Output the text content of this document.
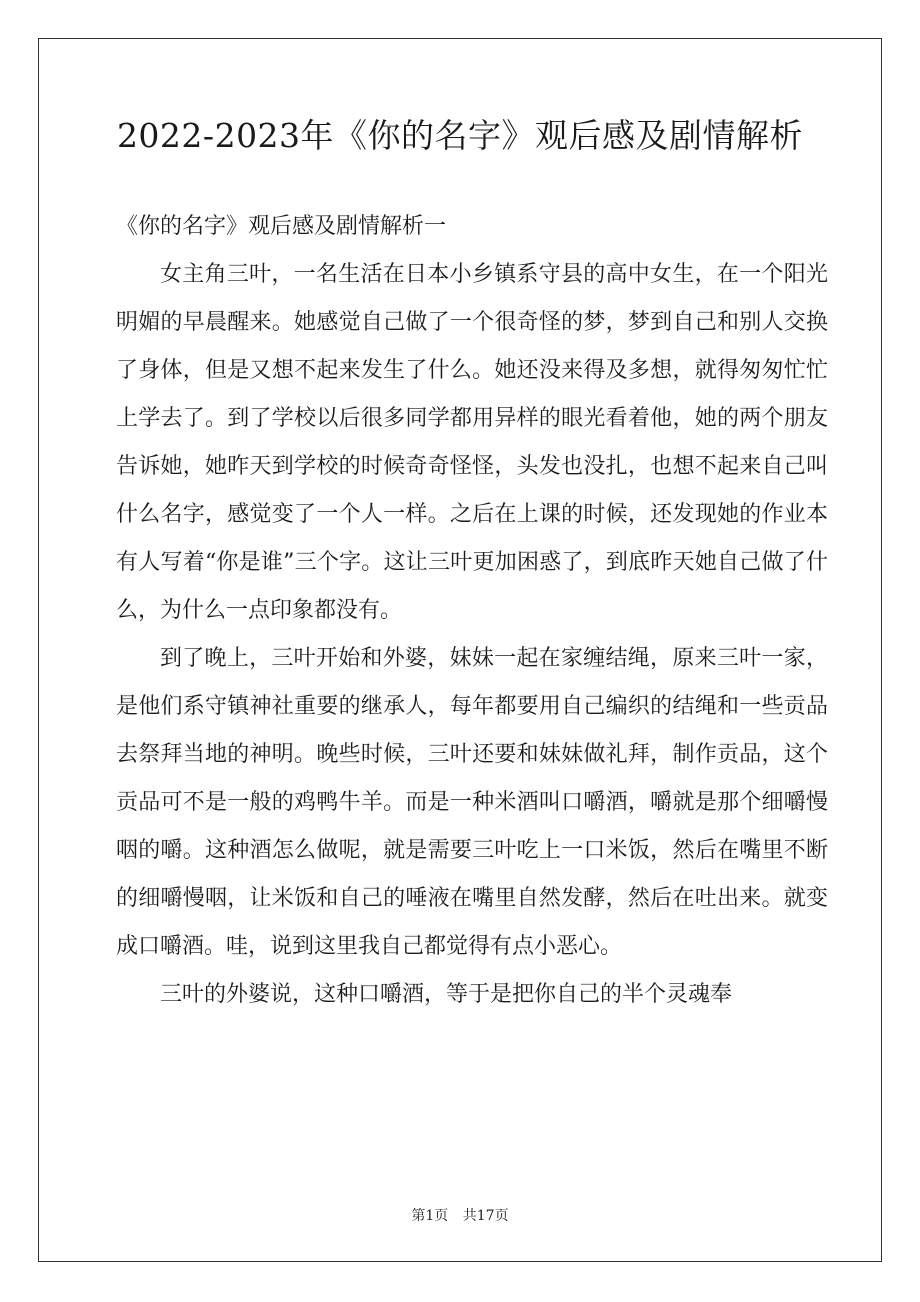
2022-2023年《你的名字》观后感及剧情解析

《你的名字》观后感及剧情解析一

女主角三叶，一名生活在日本小乡镇系守县的高中女生，在一个阳光明媚的早晨醒来。她感觉自己做了一个很奇怪的梦，梦到自己和别人交换了身体，但是又想不起来发生了什么。她还没来得及多想，就得匆匆忙忙上学去了。到了学校以后很多同学都用异样的眼光看着他，她的两个朋友告诉她，她昨天到学校的时候奇奇怪怪，头发也没扎，也想不起来自己叫什么名字，感觉变了一个人一样。之后在上课的时候，还发现她的作业本有人写着“你是谁”三个字。这让三叶更加困惑了，到底昨天她自己做了什么，为什么一点印象都没有。

到了晚上，三叶开始和外婆，妹妹一起在家缠结绳，原来三叶一家，是他们系守镇神社重要的继承人，每年都要用自己编织的结绳和一些贡品去祭拜当地的神明。晚些时候，三叶还要和妹妹做礼拜，制作贡品，这个贡品可不是一般的鸡鸭牛羊。而是一种米酒叫口嚼酒，嚼就是那个细嚼慢咽的嚼。这种酒怎么做呢，就是需要三叶吃上一口米饭，然后在嘴里不断的细嚼慢咽，让米饭和自己的唾液在嘴里自然发酵，然后在吐出来。就变成口嚼酒。哇，说到这里我自己都觉得有点小恶心。

三叶的外婆说，这种口嚼酒，等于是把你自己的半个灵魂奉

第1页 共17页
